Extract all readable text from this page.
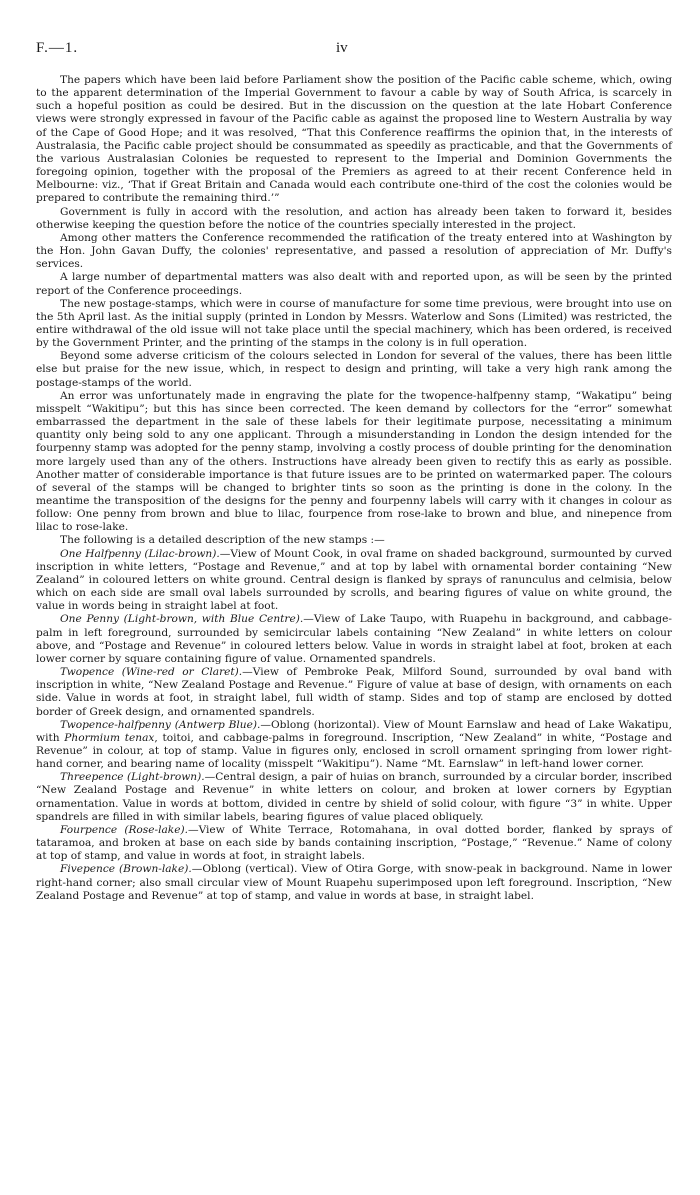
F.—1.	iv

The papers which have been laid before Parliament show the position of the Pacific cable scheme, which, owing to the apparent determination of the Imperial Government to favour a cable by way of South Africa, is scarcely in such a hopeful position as could be desired. But in the discussion on the question at the late Hobart Conference views were strongly expressed in favour of the Pacific cable as against the proposed line to Western Australia by way of the Cape of Good Hope; and it was resolved, “That this Conference reaffirms the opinion that, in the interests of Australasia, the Pacific cable project should be consummated as speedily as practicable, and that the Governments of the various Australasian Colonies be requested to represent to the Imperial and Dominion Governments the foregoing opinion, together with the proposal of the Premiers as agreed to at their recent Conference held in Melbourne: viz., ‘That if Great Britain and Canada would each contribute one-third of the cost the colonies would be prepared to contribute the remaining third.’”

Government is fully in accord with the resolution, and action has already been taken to forward it, besides otherwise keeping the question before the notice of the countries specially interested in the project.

Among other matters the Conference recommended the ratification of the treaty entered into at Washington by the Hon. John Gavan Duffy, the colonies' representative, and passed a resolution of appreciation of Mr. Duffy's services.

A large number of departmental matters was also dealt with and reported upon, as will be seen by the printed report of the Conference proceedings.

The new postage-stamps, which were in course of manufacture for some time previous, were brought into use on the 5th April last. As the initial supply (printed in London by Messrs. Waterlow and Sons (Limited) was restricted, the entire withdrawal of the old issue will not take place until the special machinery, which has been ordered, is received by the Government Printer, and the printing of the stamps in the colony is in full operation.

Beyond some adverse criticism of the colours selected in London for several of the values, there has been little else but praise for the new issue, which, in respect to design and printing, will take a very high rank among the postage-stamps of the world.

An error was unfortunately made in engraving the plate for the twopence-halfpenny stamp, “Wakatipu” being misspelt “Wakitipu”; but this has since been corrected. The keen demand by collectors for the “error” somewhat embarrassed the department in the sale of these labels for their legitimate purpose, necessitating a minimum quantity only being sold to any one applicant. Through a misunderstanding in London the design intended for the fourpenny stamp was adopted for the penny stamp, involving a costly process of double printing for the denomination more largely used than any of the others. Instructions have already been given to rectify this as early as possible. Another matter of considerable importance is that future issues are to be printed on watermarked paper. The colours of several of the stamps will be changed to brighter tints so soon as the printing is done in the colony. In the meantime the transposition of the designs for the penny and fourpenny labels will carry with it changes in colour as follow: One penny from brown and blue to lilac, fourpence from rose-lake to brown and blue, and ninepence from lilac to rose-lake.

The following is a detailed description of the new stamps :—

One Halfpenny (Lilac-brown).—View of Mount Cook, in oval frame on shaded background, surmounted by curved inscription in white letters, “Postage and Revenue,” and at top by label with ornamental border containing “New Zealand” in coloured letters on white ground. Central design is flanked by sprays of ranunculus and celmisia, below which on each side are small oval labels surrounded by scrolls, and bearing figures of value on white ground, the value in words being in straight label at foot.

One Penny (Light-brown, with Blue Centre).—View of Lake Taupo, with Ruapehu in background, and cabbage-palm in left foreground, surrounded by semicircular labels containing “New Zealand” in white letters on colour above, and “Postage and Revenue” in coloured letters below. Value in words in straight label at foot, broken at each lower corner by square containing figure of value. Ornamented spandrels.

Twopence (Wine-red or Claret).—View of Pembroke Peak, Milford Sound, surrounded by oval band with inscription in white, “New Zealand Postage and Revenue.” Figure of value at base of design, with ornaments on each side. Value in words at foot, in straight label, full width of stamp. Sides and top of stamp are enclosed by dotted border of Greek design, and ornamented spandrels.

Twopence-halfpenny (Antwerp Blue).—Oblong (horizontal). View of Mount Earnslaw and head of Lake Wakatipu, with Phormium tenax, toitoi, and cabbage-palms in foreground. Inscription, “New Zealand” in white, “Postage and Revenue” in colour, at top of stamp. Value in figures only, enclosed in scroll ornament springing from lower right-hand corner, and bearing name of locality (misspelt “Wakitipu”). Name “Mt. Earnslaw” in left-hand lower corner.

Threepence (Light-brown).—Central design, a pair of huias on branch, surrounded by a circular border, inscribed “New Zealand Postage and Revenue” in white letters on colour, and broken at lower corners by Egyptian ornamentation. Value in words at bottom, divided in centre by shield of solid colour, with figure “3” in white. Upper spandrels are filled in with similar labels, bearing figures of value placed obliquely.

Fourpence (Rose-lake).—View of White Terrace, Rotomahana, in oval dotted border, flanked by sprays of tataramoa, and broken at base on each side by bands containing inscription, “Postage,” “Revenue.” Name of colony at top of stamp, and value in words at foot, in straight labels.

Fivepence (Brown-lake).—Oblong (vertical). View of Otira Gorge, with snow-peak in background. Name in lower right-hand corner; also small circular view of Mount Ruapehu superimposed upon left foreground. Inscription, “New Zealand Postage and Revenue” at top of stamp, and value in words at base, in straight label.
